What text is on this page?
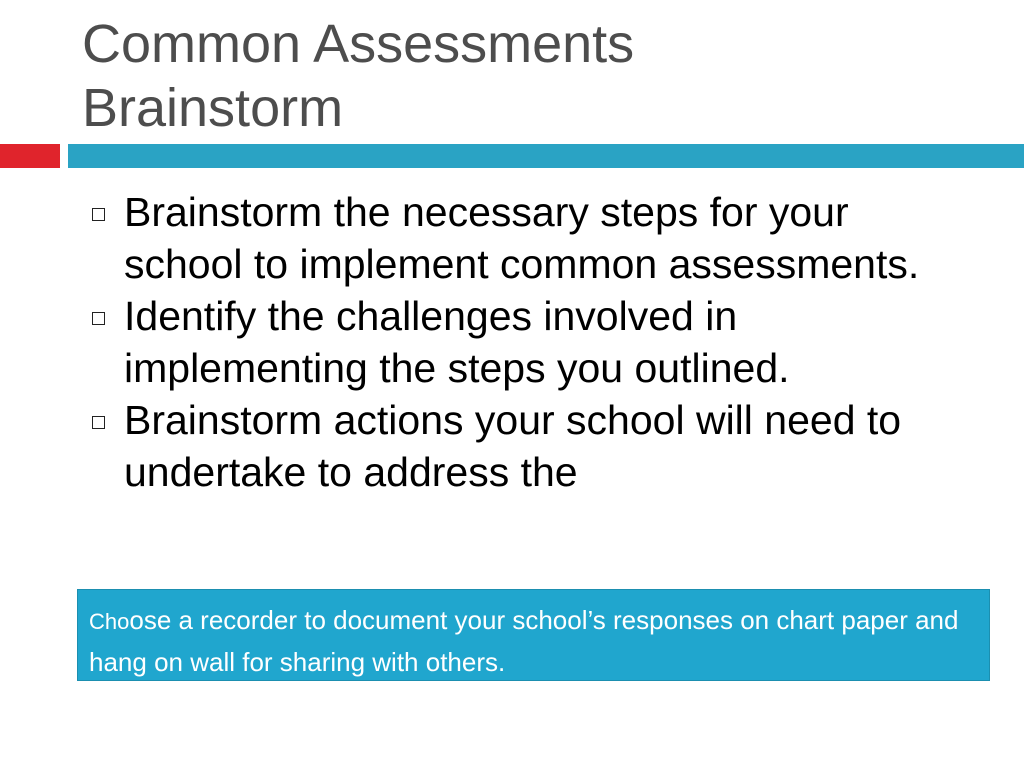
Common Assessments
Brainstorm
Brainstorm the necessary steps for your school to implement common assessments.
Identify the challenges involved in implementing the steps you outlined.
Brainstorm actions your school will need to undertake to address the
Choose a recorder to document your school’s responses on chart paper and hang on wall for sharing with others.
